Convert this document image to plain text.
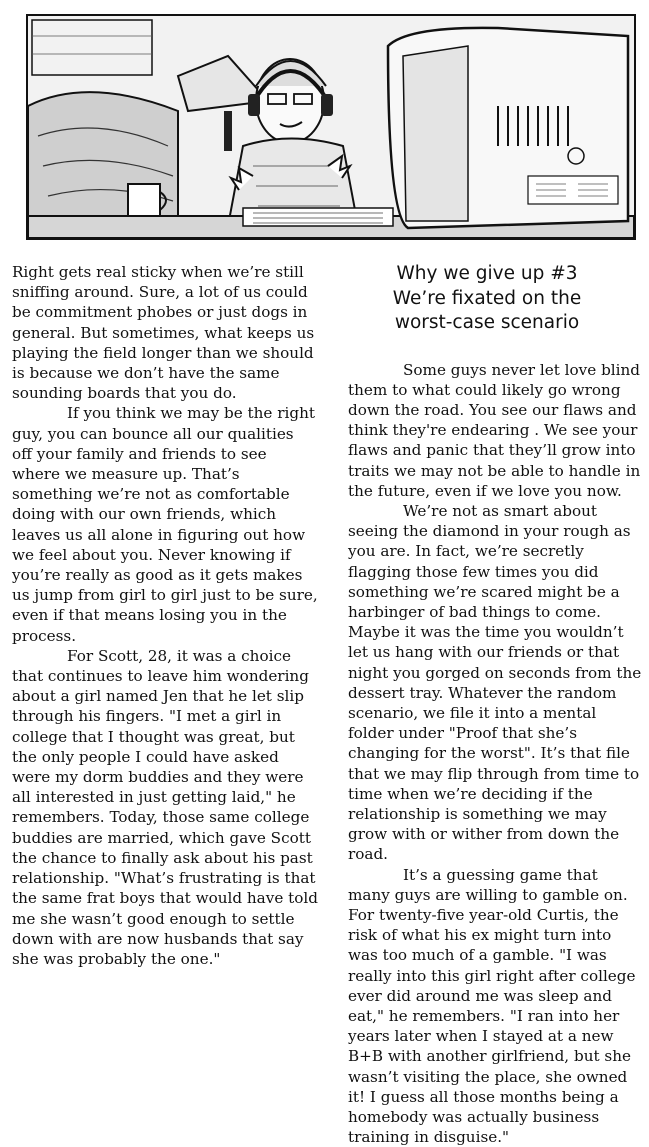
Right gets real sticky when we’re still sniffing around. Sure, a lot of us could be commitment phobes or just dogs in general. But sometimes, what keeps us playing the field longer than we should is because we don’t have the same sounding boards that you do.

If you think we may be the right guy, you can bounce all our qualities off your family and friends to see where we measure up. That’s something we’re not as comfortable doing with our own friends, which leaves us all alone in figuring out how we feel about you. Never knowing if you’re really as good as it gets makes us jump from girl to girl just to be sure, even if that means losing you in the process.

For Scott, 28, it was a choice that continues to leave him wondering about a girl named Jen that he let slip through his fingers. "I met a girl in college that I thought was great, but the only people I could have asked were my dorm buddies and they were all interested in just getting laid," he remembers. Today, those same college buddies are married, which gave Scott the chance to finally ask about his past relationship. "What’s frustrating is that the same frat boys that would have told me she wasn’t good enough to settle down with are now husbands that say she was probably the one."

Why we give up #3
We’re fixated on the
worst-case scenario

Some guys never let love blind them to what could likely go wrong down the road. You see our flaws and think they're endearing . We see your flaws and panic that they’ll grow into traits we may not be able to handle in the future, even if we love you now.

We’re not as smart about seeing the diamond in your rough as you are. In fact, we’re secretly flagging those few times you did something we’re scared might be a harbinger of bad things to come. Maybe it was the time you wouldn’t let us hang with our friends or that night you gorged on seconds from the dessert tray. Whatever the random scenario, we file it into a mental folder under "Proof that she’s changing for the worst". It’s that file that we may flip through from time to time when we’re deciding if the relationship is something we may grow with or wither from down the road.

It’s a guessing game that many guys are willing to gamble on. For twenty-five year-old Curtis, the risk of what his ex might turn into was too much of a gamble. "I was really into this girl right after college ever did around me was sleep and eat," he remembers. "I ran into her years later when I stayed at a new B+B with another girlfriend, but she wasn’t visiting the place, she owned it! I guess all those months being a homebody was actually business training in disguise."
